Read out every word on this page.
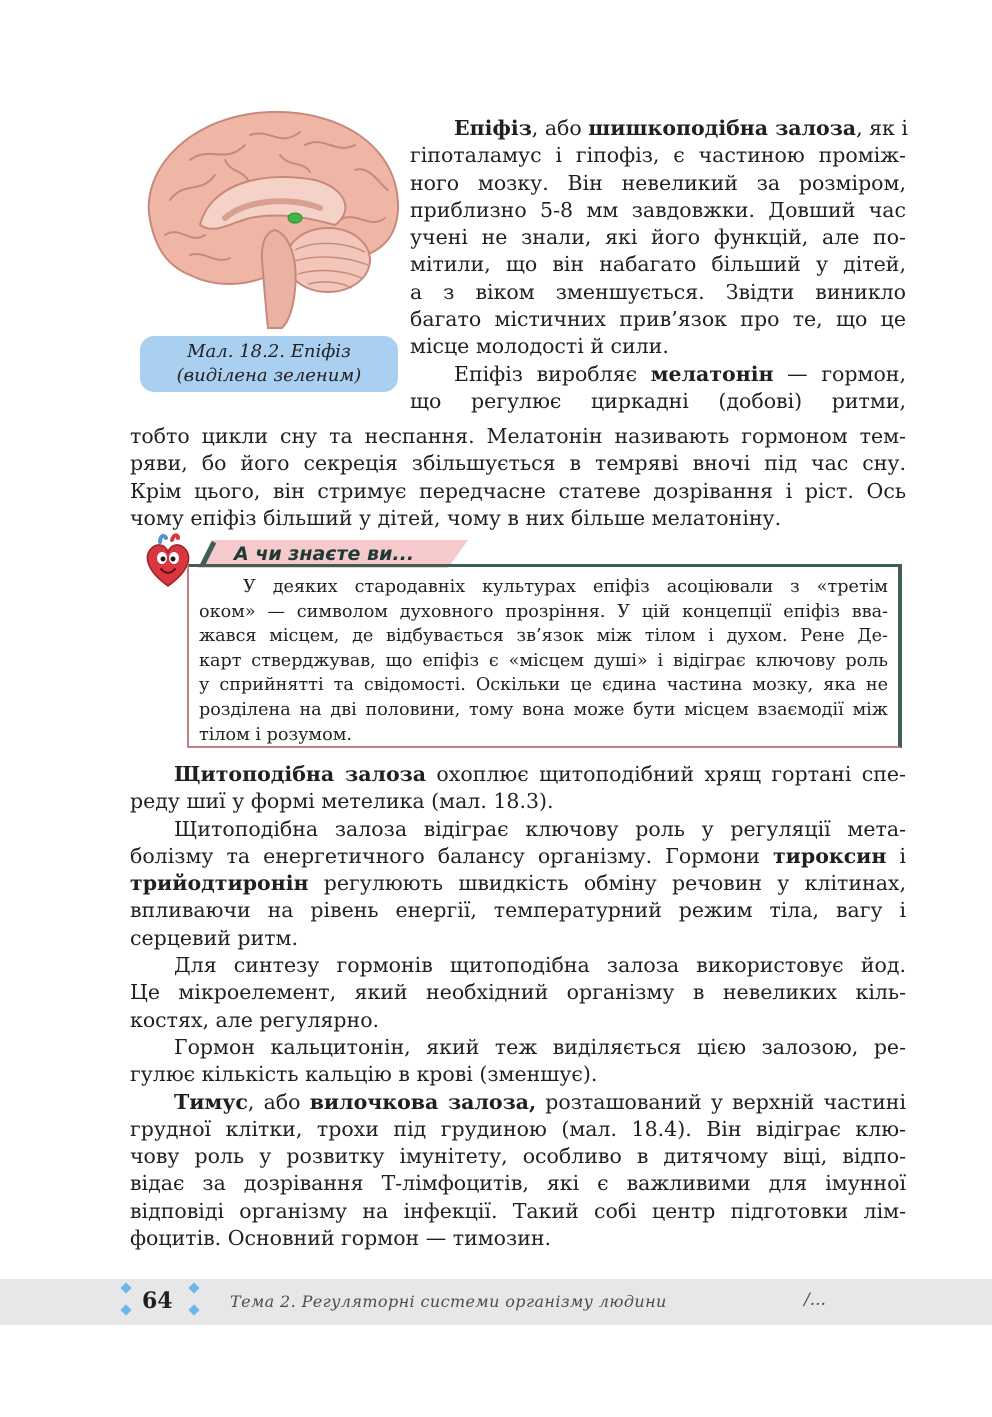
Мал. 18.2. Епіфіз
(виділена зеленим)

Епіфіз, або шишкоподібна залоза, як і
гіпоталамус і гіпофіз, є частиною проміж-
ного мозку. Він невеликий за розміром,
приблизно 5-8 мм завдовжки. Довший час
учені не знали, які його функцій, але по-
мітили, що він набагато більший у дітей,
а з віком зменшується. Звідти виникло
багато містичних прив’язок про те, що це
місце молодості й сили.

Епіфіз виробляє мелатонін — гормон,
що регулює циркадні (добові) ритми,

тобто цикли сну та неспання. Мелатонін називають гормоном тем-
ряви, бо його секреція збільшується в темряві вночі під час сну.
Крім цього, він стримує передчасне статеве дозрівання і ріст. Ось
чому епіфіз більший у дітей, чому в них більше мелатоніну.

А чи знаєте ви...
У деяких стародавніх культурах епіфіз асоціювали з «третім
оком» — символом духовного прозріння. У цій концепції епіфіз вва-
жався місцем, де відбувається зв’язок між тілом і духом. Рене Де-
карт стверджував, що епіфіз є «місцем душі» і відіграє ключову роль
у сприйнятті та свідомості. Оскільки це єдина частина мозку, яка не
розділена на дві половини, тому вона може бути місцем взаємодії між
тілом і розумом.

Щитоподібна залоза охоплює щитоподібний хрящ гортані спе-
реду шиї у формі метелика (мал. 18.3).

Щитоподібна залоза відіграє ключову роль у регуляції мета-
болізму та енергетичного балансу організму. Гормони тироксин і
трийодтиронін регулюють швидкість обміну речовин у клітинах,
впливаючи на рівень енергії, температурний режим тіла, вагу і
серцевий ритм.

Для синтезу гормонів щитоподібна залоза використовує йод.
Це мікроелемент, який необхідний організму в невеликих кіль-
костях, але регулярно.

Гормон кальцитонін, який теж виділяється цією залозою, ре-
гулює кількість кальцію в крові (зменшує).

Тимус, або вилочкова залоза, розташований у верхній частині
грудної клітки, трохи під грудиною (мал. 18.4). Він відіграє клю-
чову роль у розвитку імунітету, особливо в дитячому віці, відпо-
відає за дозрівання Т-лімфоцитів, які є важливими для імунної
відповіді організму на інфекції. Такий собі центр підготовки лім-
фоцитів. Основний гормон — тимозин.

64	Тема 2. Регуляторні системи організму людини	/...
